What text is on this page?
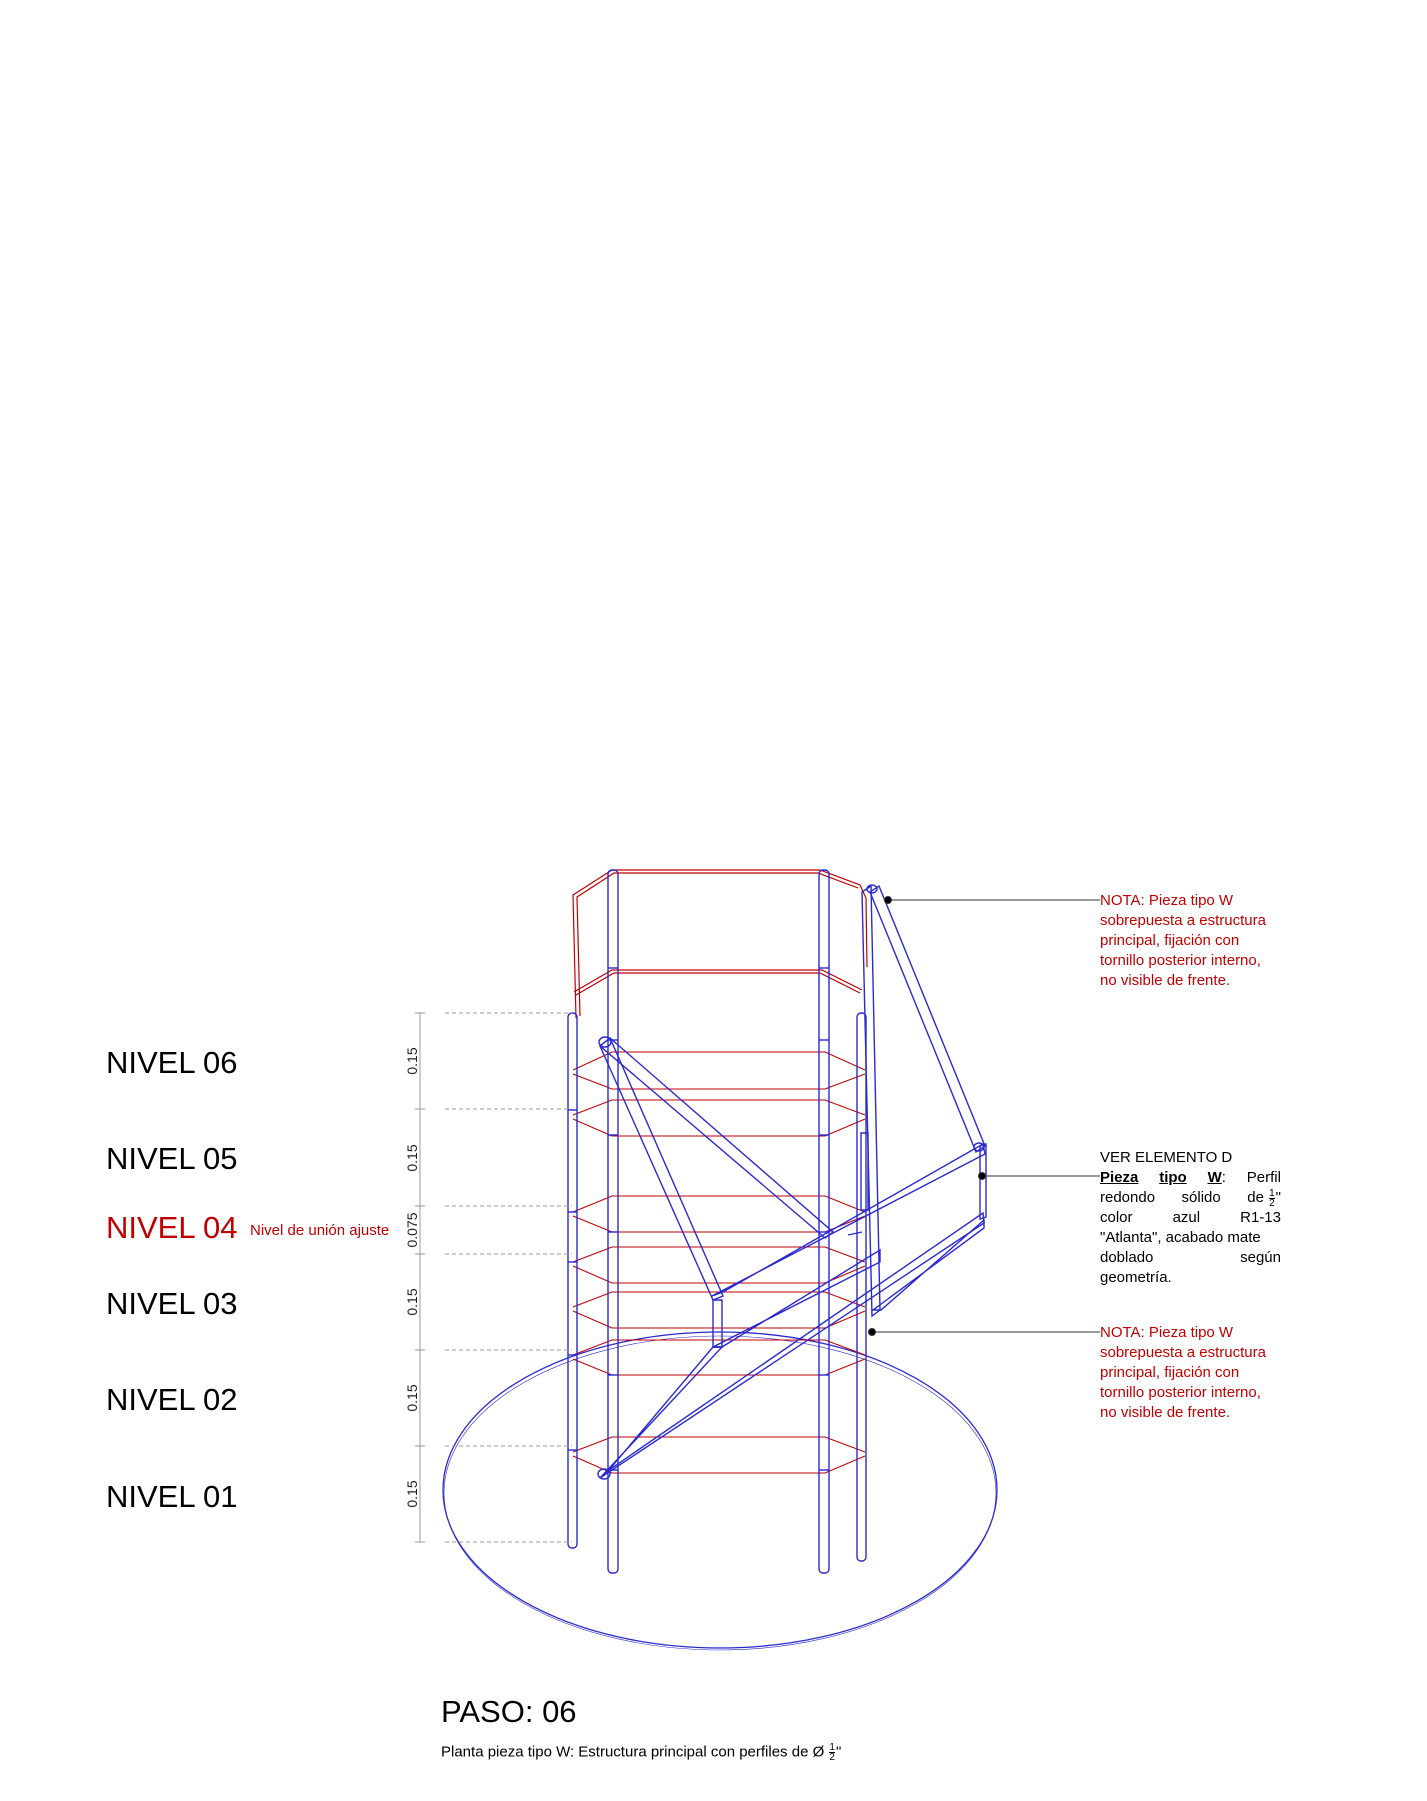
NIVEL 06
NIVEL 05
NIVEL 04
NIVEL 03
NIVEL 02
NIVEL 01
Nivel de unión ajuste
0.15
0.15
0.075
0.15
0.15
0.15
NOTA: Pieza tipo W
sobrepuesta a estructura
principal, fijación con
tornillo posterior interno,
no visible de frente.
VER ELEMENTO D
Pieza tipo W: Perfil
redondo sólido de $\frac{1}{2}$ "
color	azul	R1-13
"Atlanta", acabado mate
doblado	según
geometría.
NOTA: Pieza tipo W
sobrepuesta a estructura
principal, fijación con
tornillo posterior interno,
no visible de frente.
PASO: 06
Planta pieza tipo W: Estructura principal con perfiles de Ø $\frac{1}{2}$ "
